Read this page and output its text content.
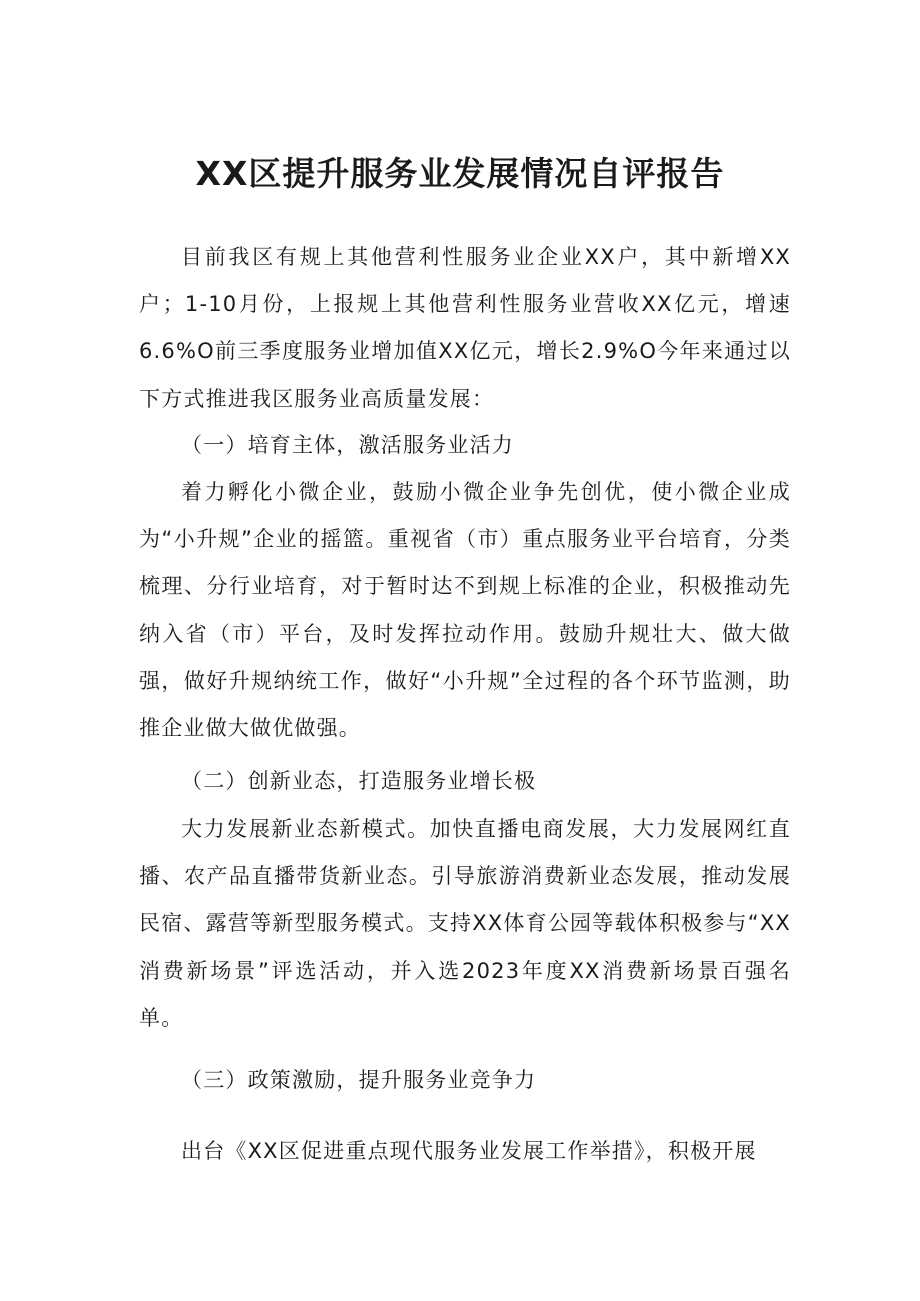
XX区提升服务业发展情况自评报告

目前我区有规上其他营利性服务业企业XX户，其中新增XX户；1-10月份，上报规上其他营利性服务业营收XX亿元，增速6.6%O前三季度服务业增加值XX亿元，增长2.9%O今年来通过以下方式推进我区服务业高质量发展：

（一）培育主体，激活服务业活力

着力孵化小微企业，鼓励小微企业争先创优，使小微企业成为“小升规”企业的摇篮。重视省（市）重点服务业平台培育，分类梳理、分行业培育，对于暂时达不到规上标准的企业，积极推动先纳入省（市）平台，及时发挥拉动作用。鼓励升规壮大、做大做强，做好升规纳统工作，做好“小升规”全过程的各个环节监测，助推企业做大做优做强。

（二）创新业态，打造服务业增长极

大力发展新业态新模式。加快直播电商发展，大力发展网红直播、农产品直播带货新业态。引导旅游消费新业态发展，推动发展民宿、露营等新型服务模式。支持XX体育公园等载体积极参与“XX消费新场景”评选活动，并入选2023年度XX消费新场景百强名单。

（三）政策激励，提升服务业竞争力

出台《XX区促进重点现代服务业发展工作举措》，积极开展
